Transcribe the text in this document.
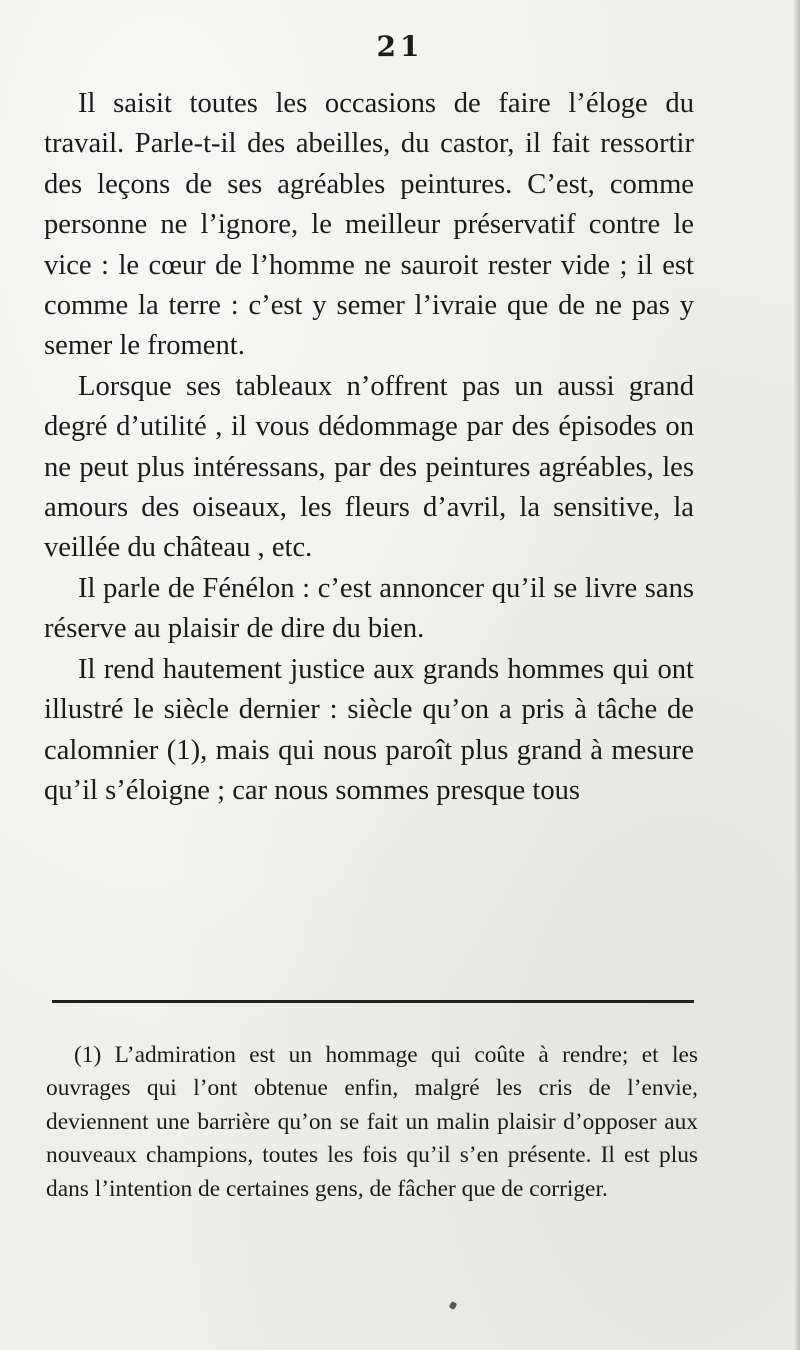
21

Il saisit toutes les occasions de faire l’éloge du travail. Parle-t-il des abeilles, du castor, il fait ressortir des leçons de ses agréables peintures. C’est, comme personne ne l’ignore, le meilleur préservatif contre le vice : le cœur de l’homme ne sauroit rester vide ; il est comme la terre : c’est y semer l’ivraie que de ne pas y semer le froment.

Lorsque ses tableaux n’offrent pas un aussi grand degré d’utilité , il vous dédommage par des épisodes on ne peut plus intéressans, par des peintures agréables, les amours des oiseaux, les fleurs d’avril, la sensitive, la veillée du château , etc.

Il parle de Fénélon : c’est annoncer qu’il se livre sans réserve au plaisir de dire du bien.

Il rend hautement justice aux grands hommes qui ont illustré le siècle dernier : siècle qu’on a pris à tâche de calomnier (1), mais qui nous paroît plus grand à mesure qu’il s’éloigne ; car nous sommes presque tous

(1) L’admiration est un hommage qui coûte à rendre; et les ouvrages qui l’ont obtenue enfin, malgré les cris de l’envie, deviennent une barrière qu’on se fait un malin plaisir d’opposer aux nouveaux champions, toutes les fois qu’il s’en présente. Il est plus dans l’intention de certaines gens, de fâcher que de corriger.
